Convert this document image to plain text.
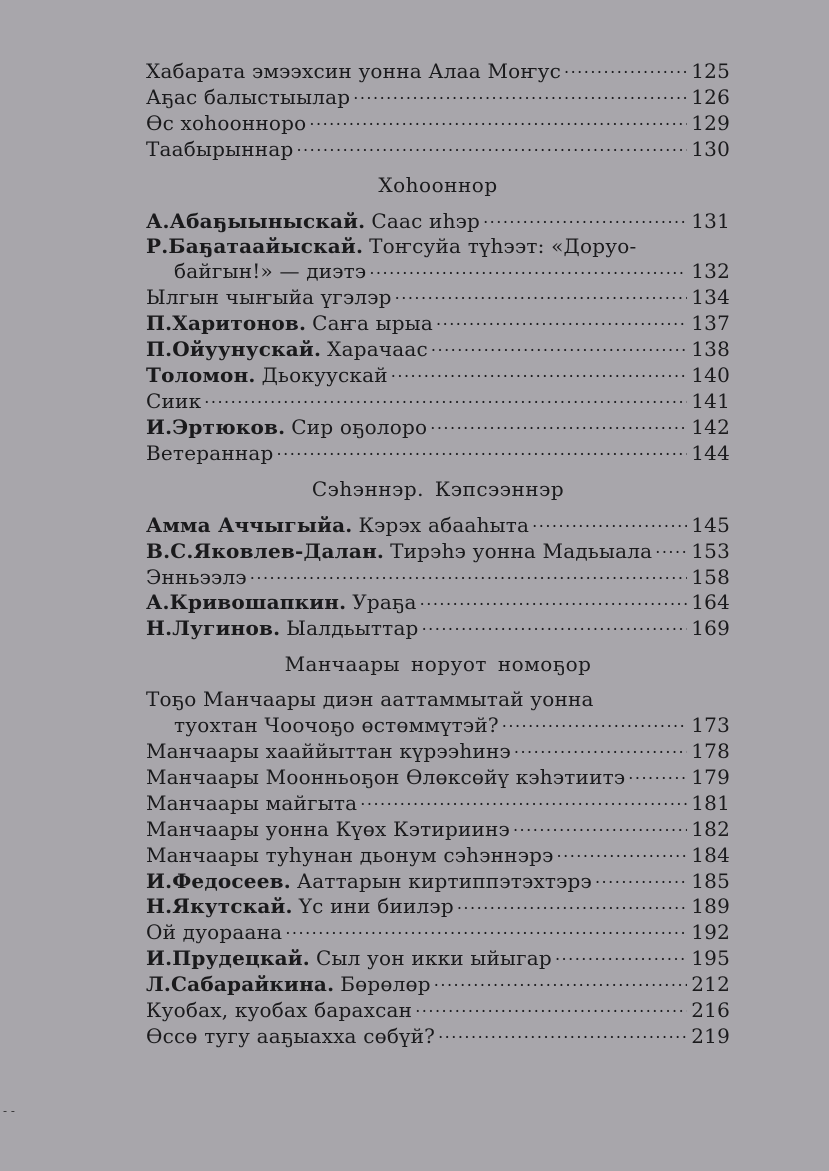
Хабарата эмээхсин уонна Алаа Моҥус .....	125
Аҕас балыстыылар .....	126
Өс хоһооннoро .....	129
Таабырыннар .....	130
Хоһооннор
А.Абаҕыыныскай. Саас иһэр .....	131
Р.Баҕатаайыскай. Тоҥсуйа түһээт: «Доруо-
байгын!» — диэтэ .....	132
Ылгын чыҥыйа үгэлэр .....	134
П.Харитонов. Саҥа ырыа .....	137
П.Ойуунускай. Харачаас .....	138
Толомон. Дьокуускай .....	140
Сиик .....	141
И.Эртюков. Сир оҕолоро .....	142
Ветераннар .....	144
Сэһэннэр. Кэпсээннэр
Амма Аччыгыйа. Кэрэх абааһыта .....	145
В.С.Яковлев-Далан. Тирэһэ уонна Мадьыала ..... 153
Энньээлэ .....	158
А.Кривошапкин. Ураҕа .....	164
Н.Лугинов. Ыалдьыттар .....	169
Манчаары норуот номоҕор
Тоҕо Манчаары диэн ааттаммытай уонна
туохтан Чоочоҕо өстөммүтэй? .....	173
Манчаары хааййыттан күрээһинэ .....	178
Манчаары Моонньоҕон Өлөксөйү кэһэтиитэ .....	179
Манчаары майгыта .....	181
Манчаары уонна Күөх Кэтириинэ .....	182
Манчаары туһунан дьонум сэһэннэрэ .....	184
И.Федосеев. Ааттарын киртиппэтэхтэрэ .....	185
Н.Якутскай. Үс ини биилэр .....	189
Ой дуораана .....	192
И.Прудецкай. Сыл уон икки ыйыгар .....	195
Л.Сабарайкина. Бөрөлөр .....	212
Куобах, куобах барахсан .....	216
Өссө тугу ааҕыахха сөбүй? .....	219
- -
